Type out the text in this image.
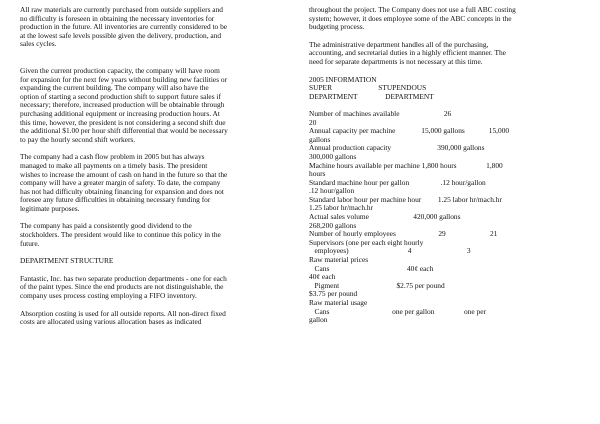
All raw materials are currently purchased from outside suppliers and
no difficulty is foreseen in obtaining the necessary inventories for
production in the future. All inventories are currently considered to be
at the lowest safe levels possible given the delivery, production, and
sales cycles.

Given the current production capacity, the company will have room
for expansion for the next few years without building new facilities or
expanding the current building. The company will also have the
option of starting a second production shift to support future sales if
necessary; therefore, increased production will be obtainable through
purchasing additional equipment or increasing production hours. At
this time, however, the president is not considering a second shift due
the additional $1.00 per hour shift differential that would be necessary
to pay the hourly second shift workers.

The company had a cash flow problem in 2005 but has always
managed to make all payments on a timely basis. The president
wishes to increase the amount of cash on hand in the future so that the
company will have a greater margin of safety. To date, the company
has not had difficulty obtaining financing for expansion and does not
foresee any future difficulties in obtaining necessary funding for
legitimate purposes.

The company has paid a consistently good dividend to the
stockholders. The president would like to continue this policy in the
future.

DEPARTMENT STRUCTURE

Fantastic, Inc. has two separate production departments - one for each
of the paint types. Since the end products are not distinguishable, the
company uses process costing employing a FIFO inventory.

Absorption costing is used for all outside reports. All non-direct fixed
costs are allocated using various allocation bases as indicated

throughout the project. The Company does not use a full ABC costing
system; however, it does employee some of the ABC concepts in the
budgeting process.

The administrative department handles all of the purchasing,
accounting, and secretarial duties in a highly efficient manner. The
need for separate departments is not necessary at this time.

2005 INFORMATION
SUPER                         STUPENDOUS
DEPARTMENT               DEPARTMENT

Number of machines available                        26
20
Annual capacity per machine              15,000 gallons             15,000
gallons
Annual production capacity                         390,000 gallons
300,000 gallons
Machine hours available per machine 1,800 hours                1,800
hours
Standard machine hour per gallon                 .12 hour/gallon
.12 hour/gallon
Standard labor hour per machine hour         1.25 labor hr/mach.hr
1.25 labor hr/mach.hr
Actual sales volume                        420,000 gallons
268,200 gallons
Number of hourly employees                       29                        21
Supervisors (one per each eight hourly
employees)                                4                              3
Raw material prices
Cans                                          40¢ each
40¢ each
Pigment                               $2.75 per pound
$3.75 per pound
Raw material usage
Cans                                  one per gallon                one per
gallon
